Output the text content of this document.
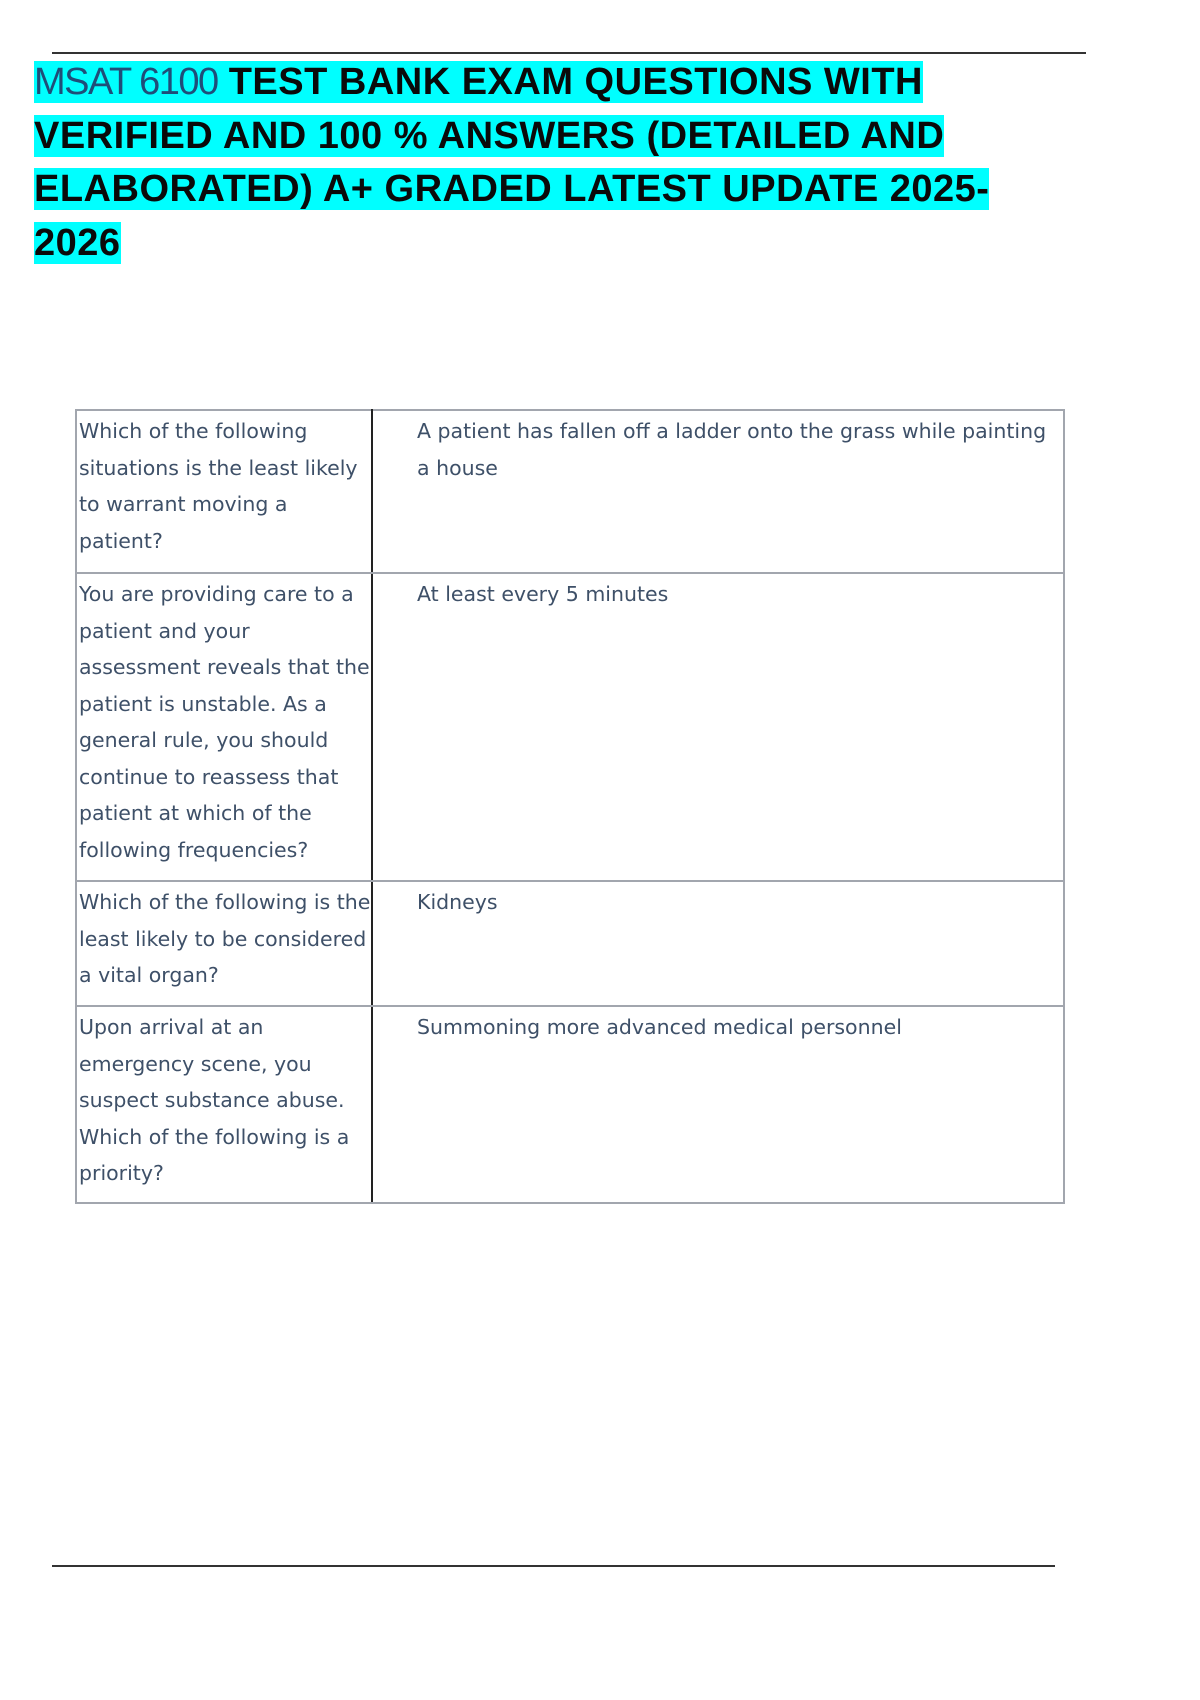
MSAT 6100 TEST BANK EXAM QUESTIONS WITH VERIFIED AND 100 % ANSWERS (DETAILED AND ELABORATED) A+ GRADED LATEST UPDATE 2025-2026
Which of the following situations is the least likely to warrant moving a patient?	A patient has fallen off a ladder onto the grass while painting a house
You are providing care to a patient and your assessment reveals that the patient is unstable. As a general rule, you should continue to reassess that patient at which of the following frequencies?	At least every 5 minutes
Which of the following is the least likely to be considered a vital organ?	Kidneys
Upon arrival at an emergency scene, you suspect substance abuse. Which of the following is a priority?	Summoning more advanced medical personnel
